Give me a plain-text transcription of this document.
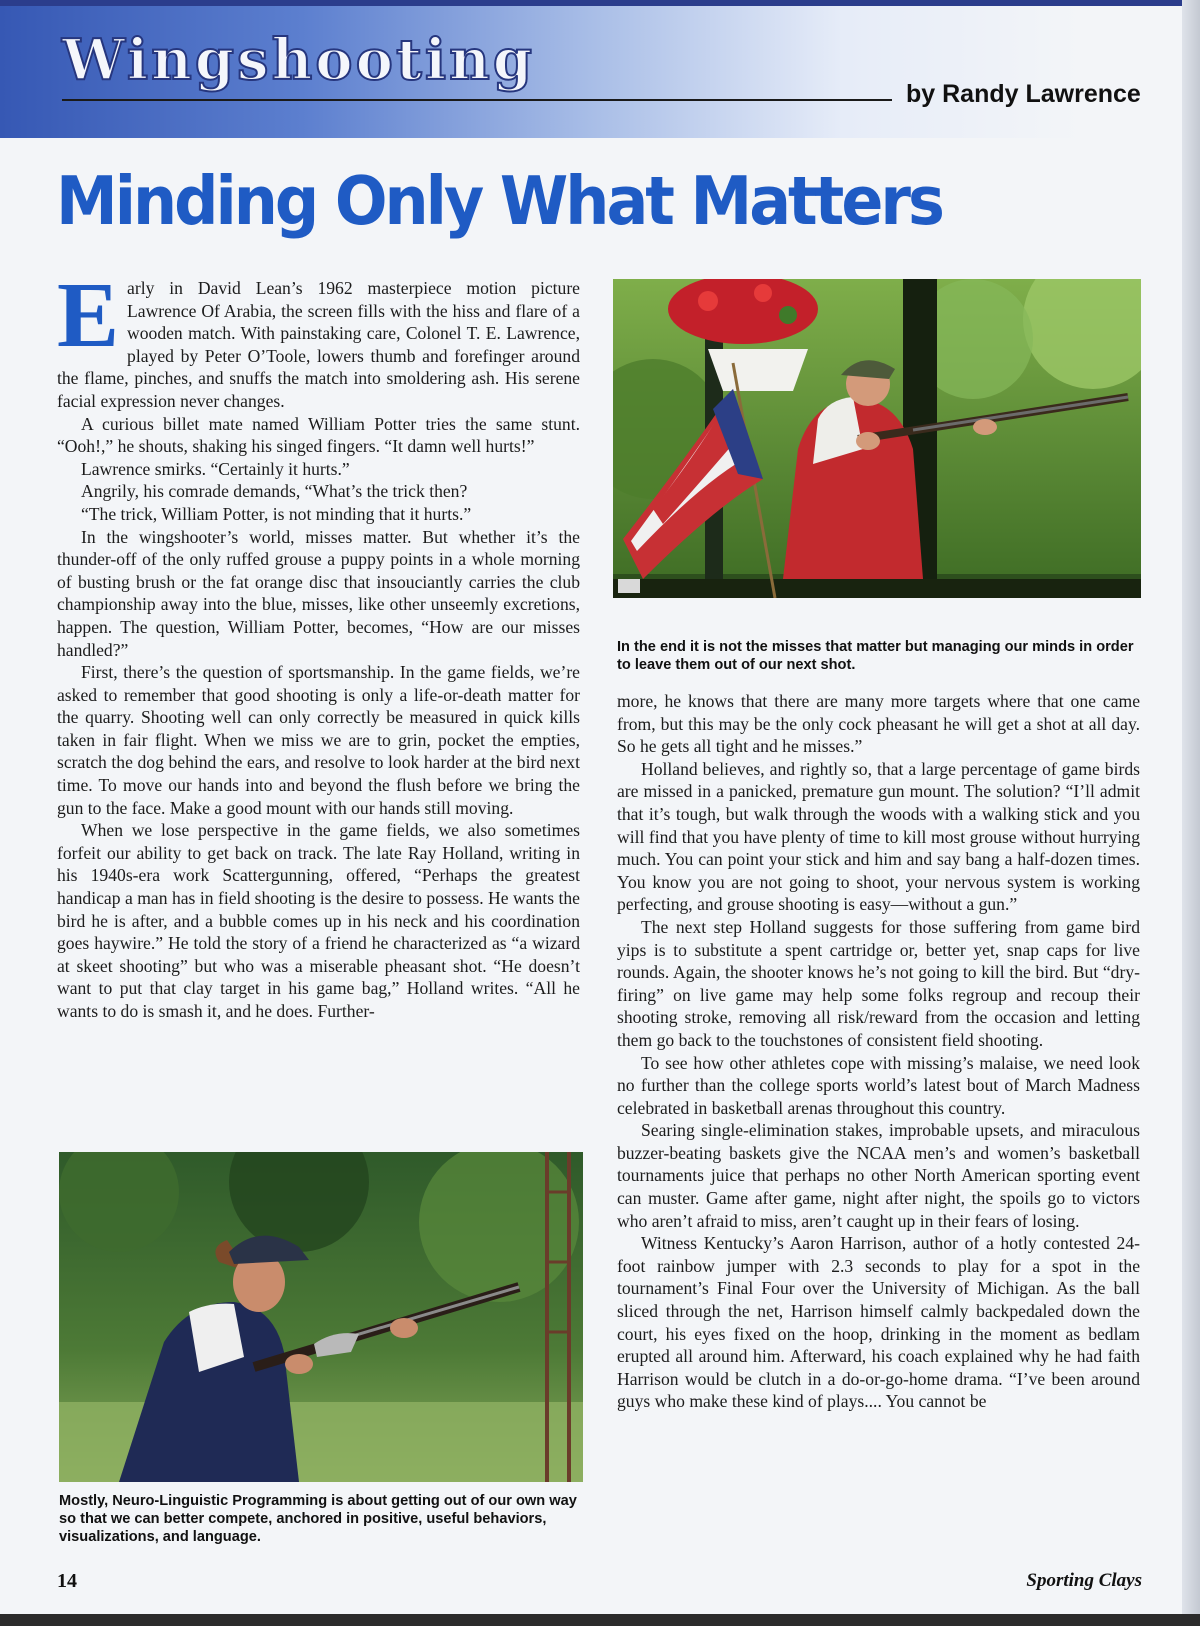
Wingshooting
by Randy Lawrence
Minding Only What Matters

Early in David Lean’s 1962 masterpiece motion picture Lawrence Of Arabia, the screen fills with the hiss and flare of a wooden match. With painstaking care, Colonel T. E. Lawrence, played by Peter O’Toole, lowers thumb and forefinger around the flame, pinches, and snuffs the match into smoldering ash. His serene facial expression never changes.

A curious billet mate named William Potter tries the same stunt. “Ooh!,” he shouts, shaking his singed fingers. “It damn well hurts!”

Lawrence smirks. “Certainly it hurts.”

Angrily, his comrade demands, “What’s the trick then?

“The trick, William Potter, is not minding that it hurts.”

In the wingshooter’s world, misses matter. But whether it’s the thunder-off of the only ruffed grouse a puppy points in a whole morning of busting brush or the fat orange disc that insouciantly carries the club championship away into the blue, misses, like other unseemly excretions, happen. The question, William Potter, becomes, “How are our misses handled?”

First, there’s the question of sportsmanship. In the game fields, we’re asked to remember that good shooting is only a life-or-death matter for the quarry. Shooting well can only correctly be measured in quick kills taken in fair flight. When we miss we are to grin, pocket the empties, scratch the dog behind the ears, and resolve to look harder at the bird next time. To move our hands into and beyond the flush before we bring the gun to the face. Make a good mount with our hands still moving.

When we lose perspective in the game fields, we also sometimes forfeit our ability to get back on track. The late Ray Holland, writing in his 1940s-era work Scattergunning, offered, “Perhaps the greatest handicap a man has in field shooting is the desire to possess. He wants the bird he is after, and a bubble comes up in his neck and his coordination goes haywire.” He told the story of a friend he characterized as “a wizard at skeet shooting” but who was a miserable pheasant shot. “He doesn’t want to put that clay target in his game bag,” Holland writes. “All he wants to do is smash it, and he does. Further-

In the end it is not the misses that matter but managing our minds in order to leave them out of our next shot.

more, he knows that there are many more targets where that one came from, but this may be the only cock pheasant he will get a shot at all day. So he gets all tight and he misses.”

Holland believes, and rightly so, that a large percentage of game birds are missed in a panicked, premature gun mount. The solution? “I’ll admit that it’s tough, but walk through the woods with a walking stick and you will find that you have plenty of time to kill most grouse without hurrying much. You can point your stick and him and say bang a half-dozen times. You know you are not going to shoot, your nervous system is working perfecting, and grouse shooting is easy—without a gun.”

The next step Holland suggests for those suffering from game bird yips is to substitute a spent cartridge or, better yet, snap caps for live rounds. Again, the shooter knows he’s not going to kill the bird. But “dry-firing” on live game may help some folks regroup and recoup their shooting stroke, removing all risk/reward from the occasion and letting them go back to the touchstones of consistent field shooting.

To see how other athletes cope with missing’s malaise, we need look no further than the college sports world’s latest bout of March Madness celebrated in basketball arenas throughout this country.

Searing single-elimination stakes, improbable upsets, and miraculous buzzer-beating baskets give the NCAA men’s and women’s basketball tournaments juice that perhaps no other North American sporting event can muster. Game after game, night after night, the spoils go to victors who aren’t afraid to miss, aren’t caught up in their fears of losing.

Witness Kentucky’s Aaron Harrison, author of a hotly contested 24-foot rainbow jumper with 2.3 seconds to play for a spot in the tournament’s Final Four over the University of Michigan. As the ball sliced through the net, Harrison himself calmly backpedaled down the court, his eyes fixed on the hoop, drinking in the moment as bedlam erupted all around him. Afterward, his coach explained why he had faith Harrison would be clutch in a do-or-go-home drama. “I’ve been around guys who make these kind of plays.... You cannot be

Mostly, Neuro-Linguistic Programming is about getting out of our own way so that we can better compete, anchored in positive, useful behaviors, visualizations, and language.
14	Sporting Clays
